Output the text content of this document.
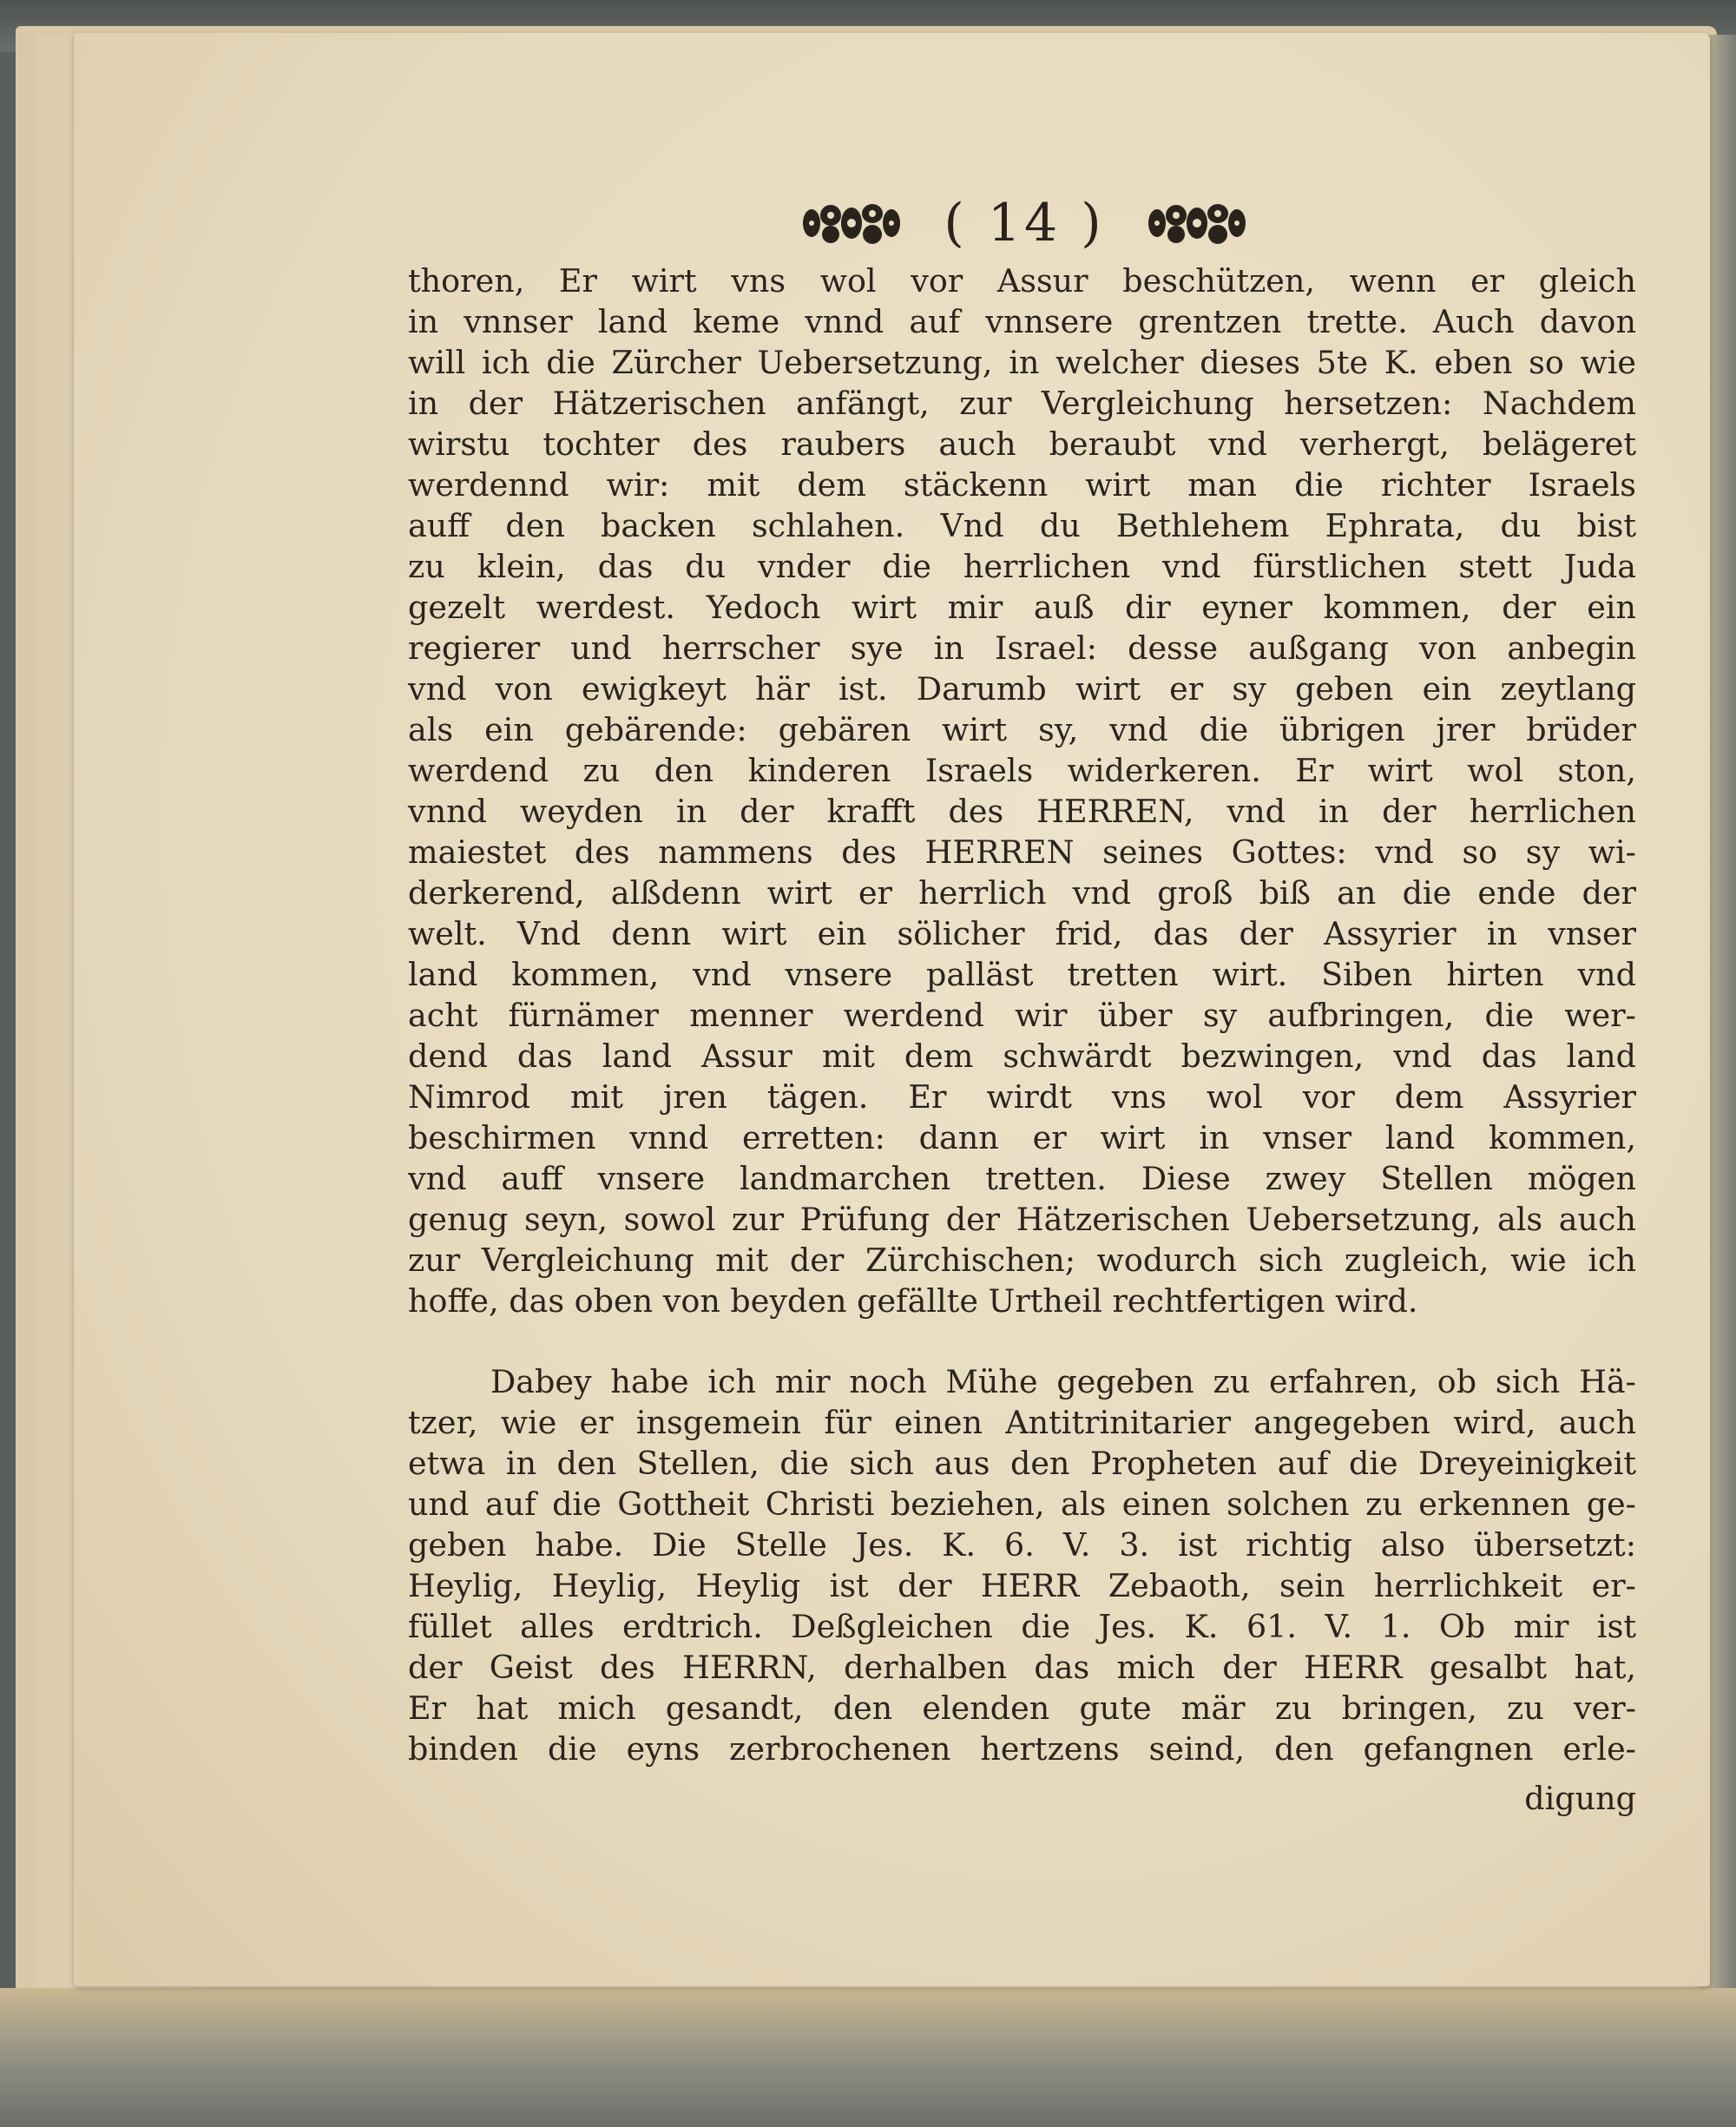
( 14 )
thoren, Er wirt vns wol vor Assur beschützen, wenn er gleich
in vnnser land keme vnnd auf vnnsere grentzen trette. Auch davon
will ich die Zürcher Uebersetzung, in welcher dieses 5te K. eben so wie
in der Hätzerischen anfängt, zur Vergleichung hersetzen: Nachdem
wirstu tochter des raubers auch beraubt vnd verhergt, belägeret
werdennd wir: mit dem stäckenn wirt man die richter Israels
auff den backen schlahen. Vnd du Bethlehem Ephrata, du bist
zu klein, das du vnder die herrlichen vnd fürstlichen stett Juda
gezelt werdest. Yedoch wirt mir auß dir eyner kommen, der ein
regierer und herrscher sye in Israel: desse außgang von anbegin
vnd von ewigkeyt här ist. Darumb wirt er sy geben ein zeytlang
als ein gebärende: gebären wirt sy, vnd die übrigen jrer brüder
werdend zu den kinderen Israels widerkeren. Er wirt wol ston,
vnnd weyden in der krafft des HERREN, vnd in der herrlichen
maiestet des nammens des HERREN seines Gottes: vnd so sy wi-
derkerend, alßdenn wirt er herrlich vnd groß biß an die ende der
welt. Vnd denn wirt ein sölicher frid, das der Assyrier in vnser
land kommen, vnd vnsere palläst tretten wirt. Siben hirten vnd
acht fürnämer menner werdend wir über sy aufbringen, die wer-
dend das land Assur mit dem schwärdt bezwingen, vnd das land
Nimrod mit jren tägen. Er wirdt vns wol vor dem Assyrier
beschirmen vnnd erretten: dann er wirt in vnser land kommen,
vnd auff vnsere landmarchen tretten. Diese zwey Stellen mögen
genug seyn, sowol zur Prüfung der Hätzerischen Uebersetzung, als auch
zur Vergleichung mit der Zürchischen; wodurch sich zugleich, wie ich
hoffe, das oben von beyden gefällte Urtheil rechtfertigen wird.
Dabey habe ich mir noch Mühe gegeben zu erfahren, ob sich Hä-
tzer, wie er insgemein für einen Antitrinitarier angegeben wird, auch
etwa in den Stellen, die sich aus den Propheten auf die Dreyeinigkeit
und auf die Gottheit Christi beziehen, als einen solchen zu erkennen ge-
geben habe. Die Stelle Jes. K. 6. V. 3. ist richtig also übersetzt:
Heylig, Heylig, Heylig ist der HERR Zebaoth, sein herrlichkeit er-
füllet alles erdtrich. Deßgleichen die Jes. K. 61. V. 1. Ob mir ist
der Geist des HERRN, derhalben das mich der HERR gesalbt hat,
Er hat mich gesandt, den elenden gute mär zu bringen, zu ver-
binden die eyns zerbrochenen hertzens seind, den gefangnen erle-
digung
